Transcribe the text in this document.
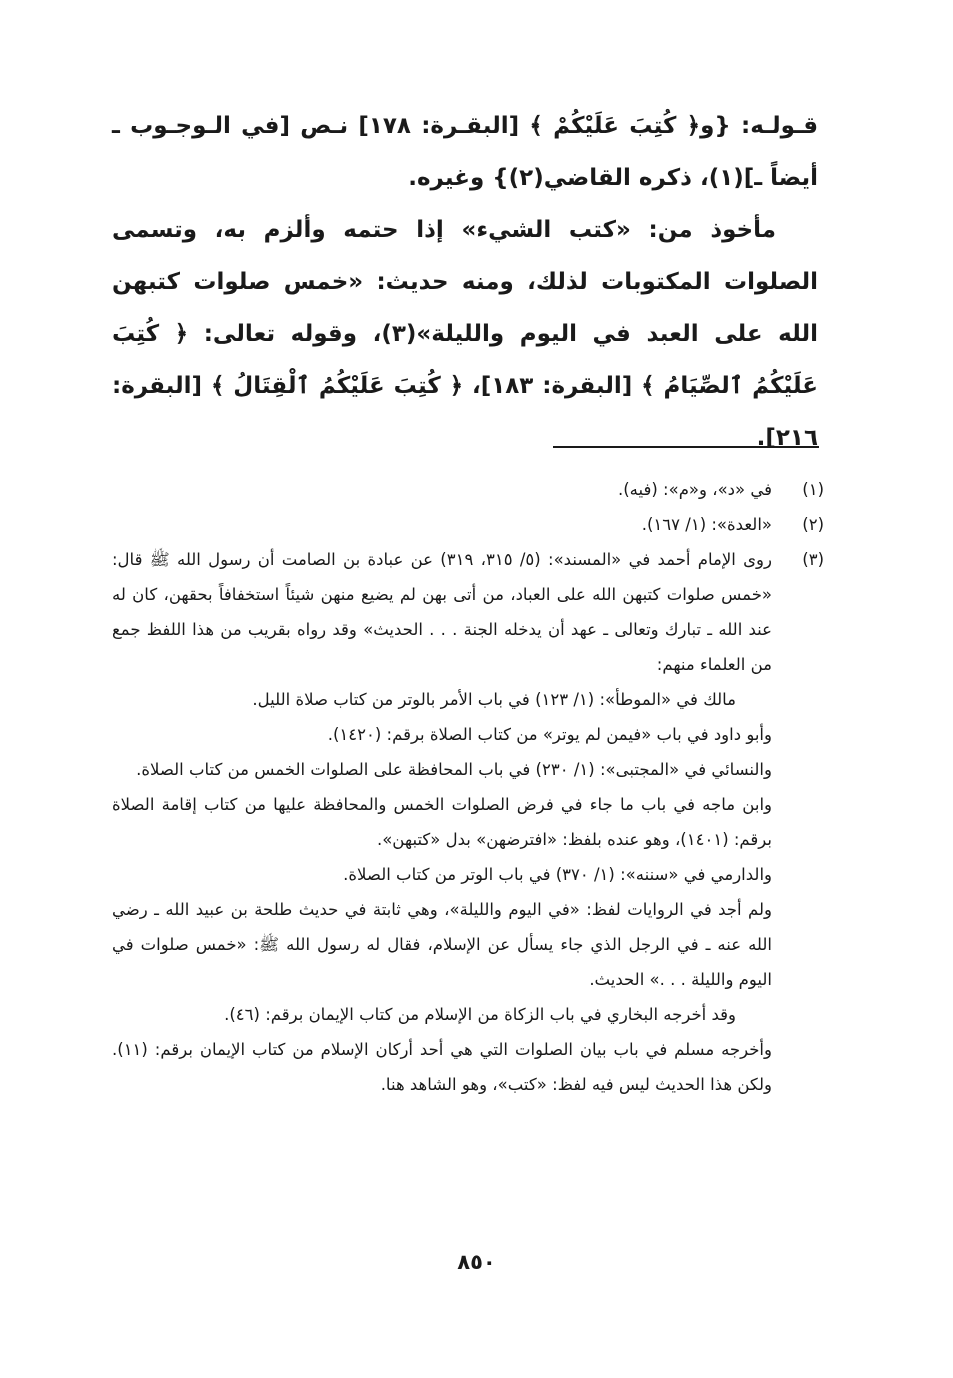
قـولـه: {و﴿ كُتِبَ عَلَيْكُمْ ﴾ [البقـرة: ١٧٨] نـص [في الـوجـوب ـ أيضاً ـ](١)، ذكره القاضي(٢)} وغيره.

مأخوذ من: «كتب الشيء» إذا حتمه وألزم به، وتسمى الصلوات المكتوبات لذلك، ومنه حديث: «خمس صلوات كتبهن الله على العبد في اليوم والليلة»(٣)، وقوله تعالى: ﴿ كُتِبَ عَلَيْكُمُ ٱلصِّيَامُ ﴾ [البقرة: ١٨٣]، ﴿ كُتِبَ عَلَيْكُمُ ٱلْقِتَالُ ﴾ [البقرة: ٢١٦].

(١)
في «د»، و«م»: (فيه).
(٢)
«العدة»: (١/ ١٦٧).
(٣)
روى الإمام أحمد في «المسند»: (٥/ ٣١٥، ٣١٩) عن عبادة بن الصامت أن رسول الله ﷺ قال: «خمس صلوات كتبهن الله على العباد، من أتى بهن لم يضيع منهن شيئاً استخفافاً بحقهن، كان له عند الله ـ تبارك وتعالى ـ عهد أن يدخله الجنة . . . الحديث» وقد رواه بقريب من هذا اللفظ جمع من العلماء منهم:
مالك في «الموطأ»: (١/ ١٢٣) في باب الأمر بالوتر من كتاب صلاة الليل.
وأبو داود في باب «فيمن لم يوتر» من كتاب الصلاة برقم: (١٤٢٠).
والنسائي في «المجتبى»: (١/ ٢٣٠) في باب المحافظة على الصلوات الخمس من كتاب الصلاة.
وابن ماجه في باب ما جاء في فرض الصلوات الخمس والمحافظة عليها من كتاب إقامة الصلاة برقم: (١٤٠١)، وهو عنده بلفظ: «افترضهن» بدل «كتبهن».
والدارمي في «سننه»: (١/ ٣٧٠) في باب الوتر من كتاب الصلاة.
ولم أجد في الروايات لفظ: «في اليوم والليلة»، وهي ثابتة في حديث طلحة بن عبيد الله ـ رضي الله عنه ـ في الرجل الذي جاء يسأل عن الإسلام، فقال له رسول الله ﷺ: «خمس صلوات في اليوم والليلة . . .» الحديث.
وقد أخرجه البخاري في باب الزكاة من الإسلام من كتاب الإيمان برقم: (٤٦).
وأخرجه مسلم في باب بيان الصلوات التي هي أحد أركان الإسلام من كتاب الإيمان برقم: (١١). ولكن هذا الحديث ليس فيه لفظ: «كتب»، وهو الشاهد هنا.
٨٥٠
